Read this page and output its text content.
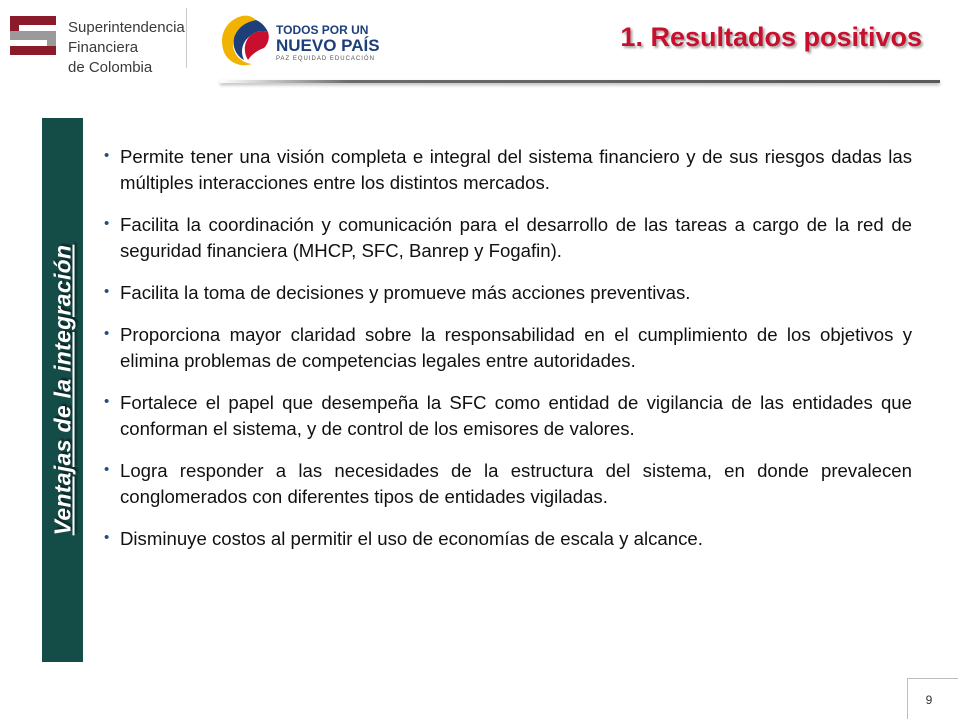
Superintendencia
Financiera
de Colombia
TODOS POR UN
NUEVO PAÍS
PAZ EQUIDAD EDUCACIÓN
1. Resultados positivos
Ventajas de la integración
• Permite tener una visión completa e integral del sistema financiero y de sus riesgos dadas las múltiples interacciones entre los distintos mercados.
• Facilita la coordinación y comunicación para el desarrollo de las tareas a cargo de la red de seguridad financiera (MHCP, SFC, Banrep y Fogafin).
• Facilita la toma de decisiones y promueve más acciones preventivas.
• Proporciona mayor claridad sobre la responsabilidad en el cumplimiento de los objetivos y elimina problemas de competencias legales entre autoridades.
• Fortalece el papel que desempeña la SFC como entidad de vigilancia de las entidades que conforman el sistema, y de control de los emisores de valores.
• Logra responder a las necesidades de la estructura del sistema, en donde prevalecen conglomerados con diferentes tipos de entidades vigiladas.
• Disminuye costos al permitir el uso de economías de escala y alcance.
9
